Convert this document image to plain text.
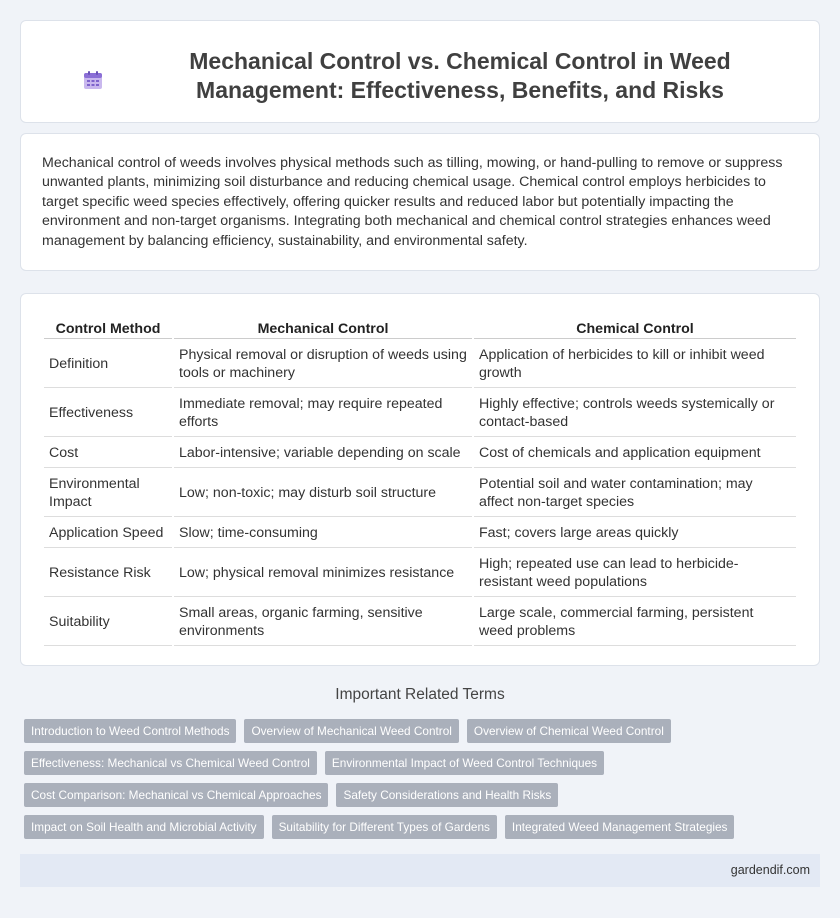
Mechanical Control vs. Chemical Control in Weed Management: Effectiveness, Benefits, and Risks

Mechanical control of weeds involves physical methods such as tilling, mowing, or hand-pulling to remove or suppress unwanted plants, minimizing soil disturbance and reducing chemical usage. Chemical control employs herbicides to target specific weed species effectively, offering quicker results and reduced labor but potentially impacting the environment and non-target organisms. Integrating both mechanical and chemical control strategies enhances weed management by balancing efficiency, sustainability, and environmental safety.

Control Method	Mechanical Control	Chemical Control
Definition	Physical removal or disruption of weeds using tools or machinery	Application of herbicides to kill or inhibit weed growth
Effectiveness	Immediate removal; may require repeated efforts	Highly effective; controls weeds systemically or contact-based
Cost	Labor-intensive; variable depending on scale	Cost of chemicals and application equipment
Environmental Impact	Low; non-toxic; may disturb soil structure	Potential soil and water contamination; may affect non-target species
Application Speed	Slow; time-consuming	Fast; covers large areas quickly
Resistance Risk	Low; physical removal minimizes resistance	High; repeated use can lead to herbicide-resistant weed populations
Suitability	Small areas, organic farming, sensitive environments	Large scale, commercial farming, persistent weed problems
Important Related Terms
Introduction to Weed Control Methods	Overview of Mechanical Weed Control	Overview of Chemical Weed Control
Effectiveness: Mechanical vs Chemical Weed Control	Environmental Impact of Weed Control Techniques
Cost Comparison: Mechanical vs Chemical Approaches	Safety Considerations and Health Risks
Impact on Soil Health and Microbial Activity	Suitability for Different Types of Gardens	Integrated Weed Management Strategies
gardendif.com
